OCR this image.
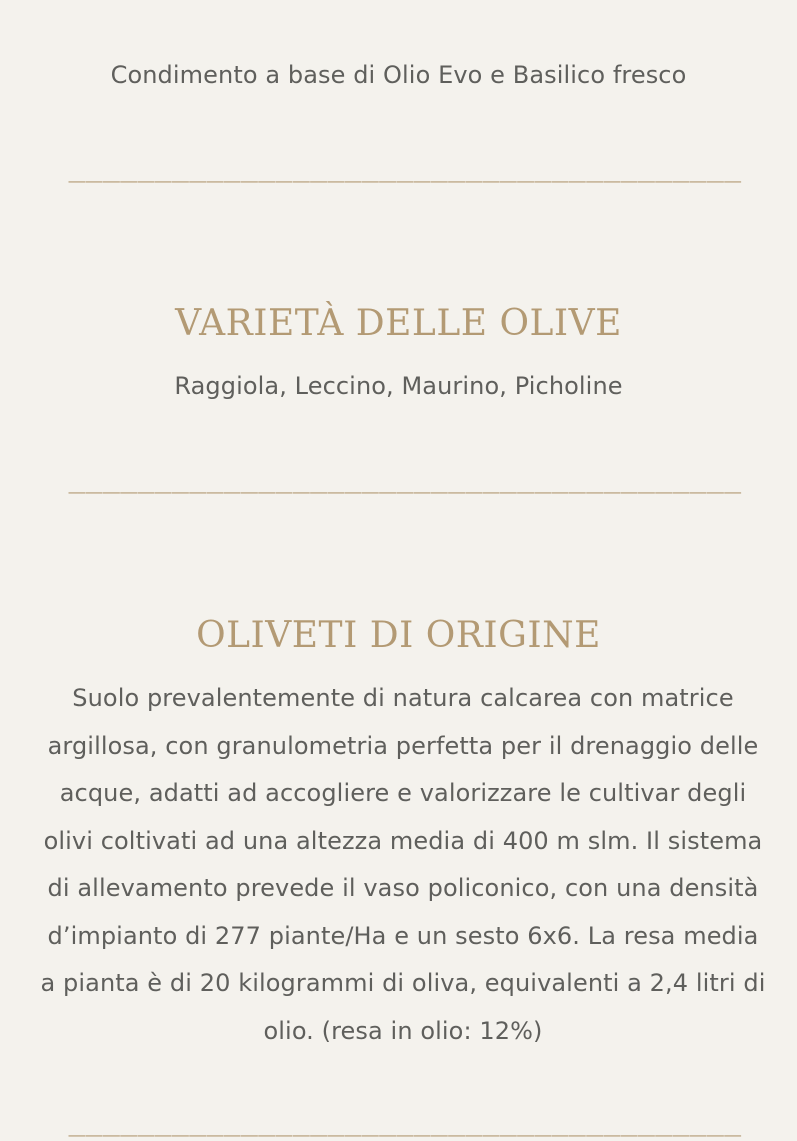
Condimento a base di Olio Evo e Basilico fresco
_______________________________________
VARIETÀ DELLE OLIVE
Raggiola, Leccino, Maurino, Picholine
_______________________________________
OLIVETI DI ORIGINE
Suolo prevalentemente di natura calcarea con matrice argillosa, con granulometria perfetta per il drenaggio delle acque, adatti ad accogliere e valorizzare le cultivar degli olivi coltivati ad una altezza media di 400 m slm. Il sistema di allevamento prevede il vaso policonico, con una densità d’impianto di 277 piante/Ha e un sesto 6x6. La resa media a pianta è di 20 kilogrammi di oliva, equivalenti a 2,4 litri di olio. (resa in olio: 12%)
_______________________________________
